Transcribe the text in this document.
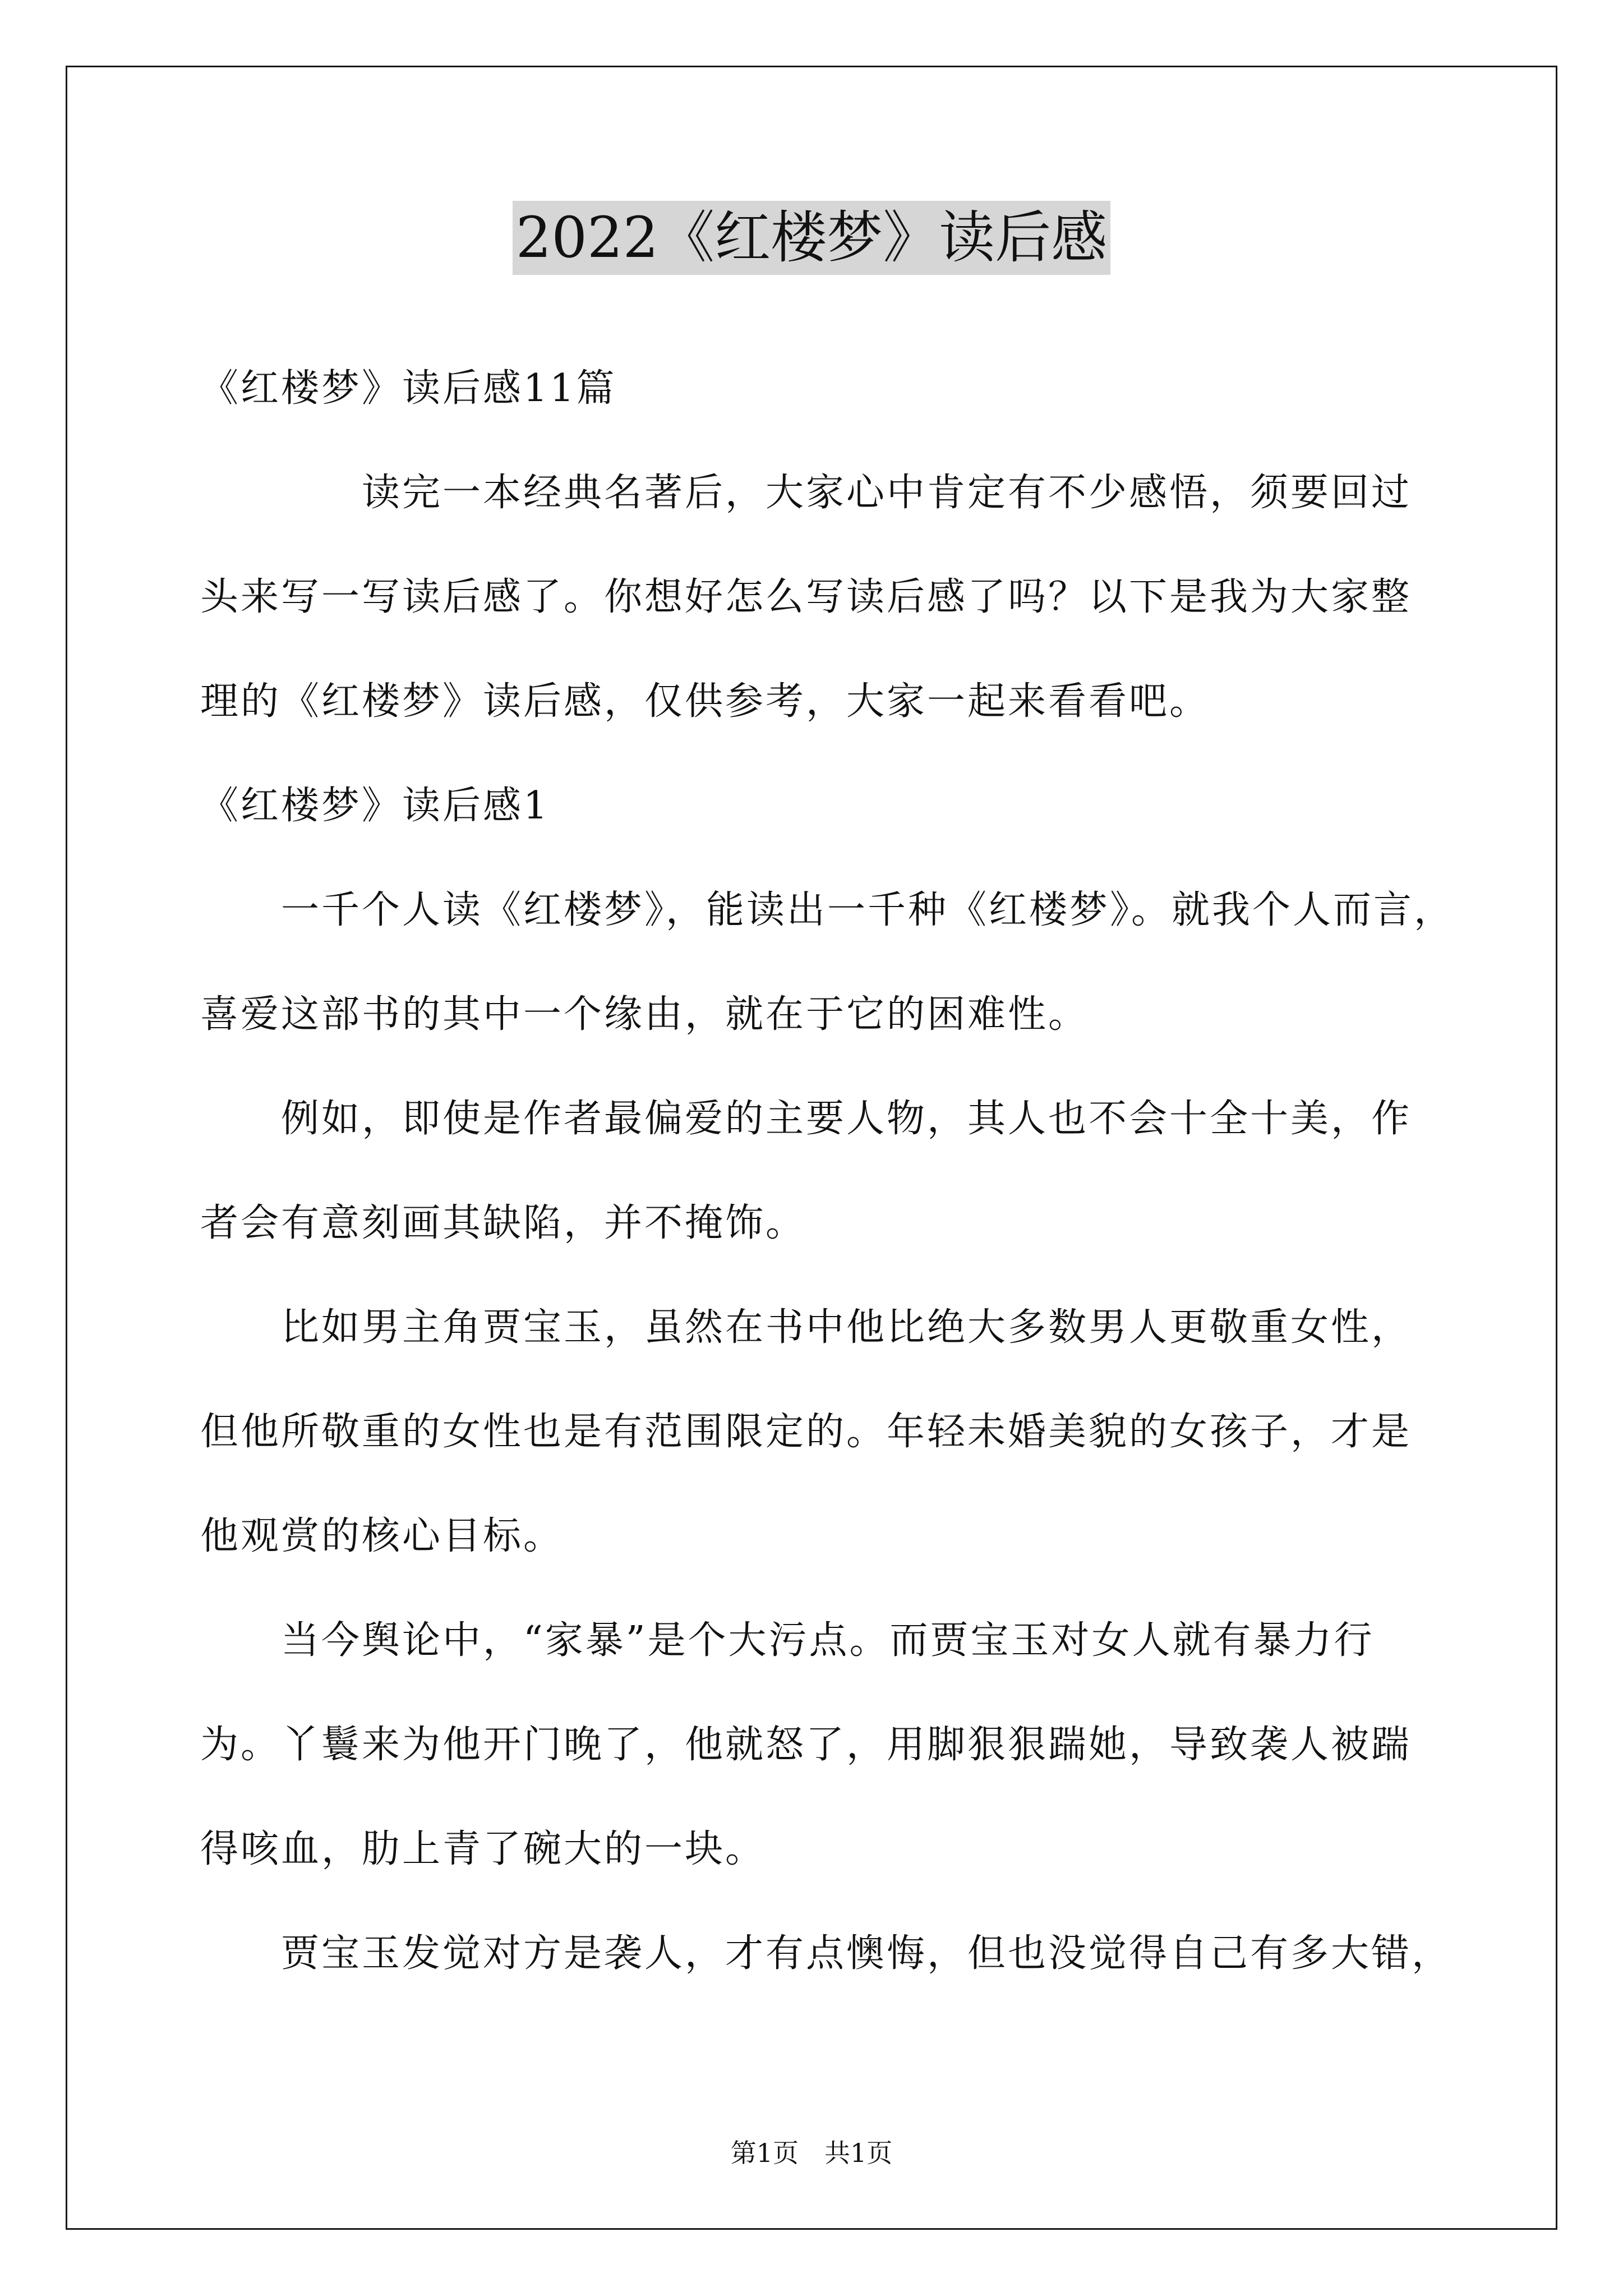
2022《红楼梦》读后感
《红楼梦》读后感11篇
　　　　读完一本经典名著后，大家心中肯定有不少感悟，须要回过
头来写一写读后感了。你想好怎么写读后感了吗？以下是我为大家整
理的《红楼梦》读后感，仅供参考，大家一起来看看吧。
《红楼梦》读后感1
　　一千个人读《红楼梦》，能读出一千种《红楼梦》。就我个人而言，
喜爱这部书的其中一个缘由，就在于它的困难性。
　　例如，即使是作者最偏爱的主要人物，其人也不会十全十美，作
者会有意刻画其缺陷，并不掩饰。
　　比如男主角贾宝玉，虽然在书中他比绝大多数男人更敬重女性，
但他所敬重的女性也是有范围限定的。年轻未婚美貌的女孩子，才是
他观赏的核心目标。
　　当今舆论中，“家暴”是个大污点。而贾宝玉对女人就有暴力行
为。丫鬟来为他开门晚了，他就怒了，用脚狠狠踹她，导致袭人被踹
得咳血，肋上青了碗大的一块。
　　贾宝玉发觉对方是袭人，才有点懊悔，但也没觉得自己有多大错，
第1页　共1页
